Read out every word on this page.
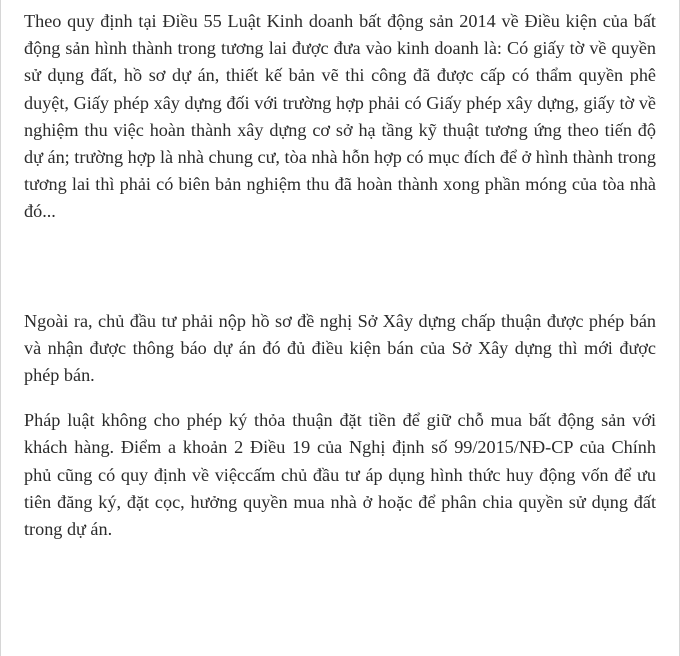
Theo quy định tại Điều 55 Luật Kinh doanh bất động sản 2014 về Điều kiện của bất động sản hình thành trong tương lai được đưa vào kinh doanh là: Có giấy tờ về quyền sử dụng đất, hồ sơ dự án, thiết kế bản vẽ thi công đã được cấp có thẩm quyền phê duyệt, Giấy phép xây dựng đối với trường hợp phải có Giấy phép xây dựng, giấy tờ về nghiệm thu việc hoàn thành xây dựng cơ sở hạ tầng kỹ thuật tương ứng theo tiến độ dự án; trường hợp là nhà chung cư, tòa nhà hỗn hợp có mục đích để ở hình thành trong tương lai thì phải có biên bản nghiệm thu đã hoàn thành xong phần móng của tòa nhà đó...

Ngoài ra, chủ đầu tư phải nộp hồ sơ đề nghị Sở Xây dựng chấp thuận được phép bán và nhận được thông báo dự án đó đủ điều kiện bán của Sở Xây dựng thì mới được phép bán.

Pháp luật không cho phép ký thỏa thuận đặt tiền để giữ chỗ mua bất động sản với khách hàng. Điểm a khoản 2 Điều 19 của Nghị định số 99/2015/NĐ-CP của Chính phủ cũng có quy định về việccấm chủ đầu tư áp dụng hình thức huy động vốn để ưu tiên đăng ký, đặt cọc, hưởng quyền mua nhà ở hoặc để phân chia quyền sử dụng đất trong dự án.
